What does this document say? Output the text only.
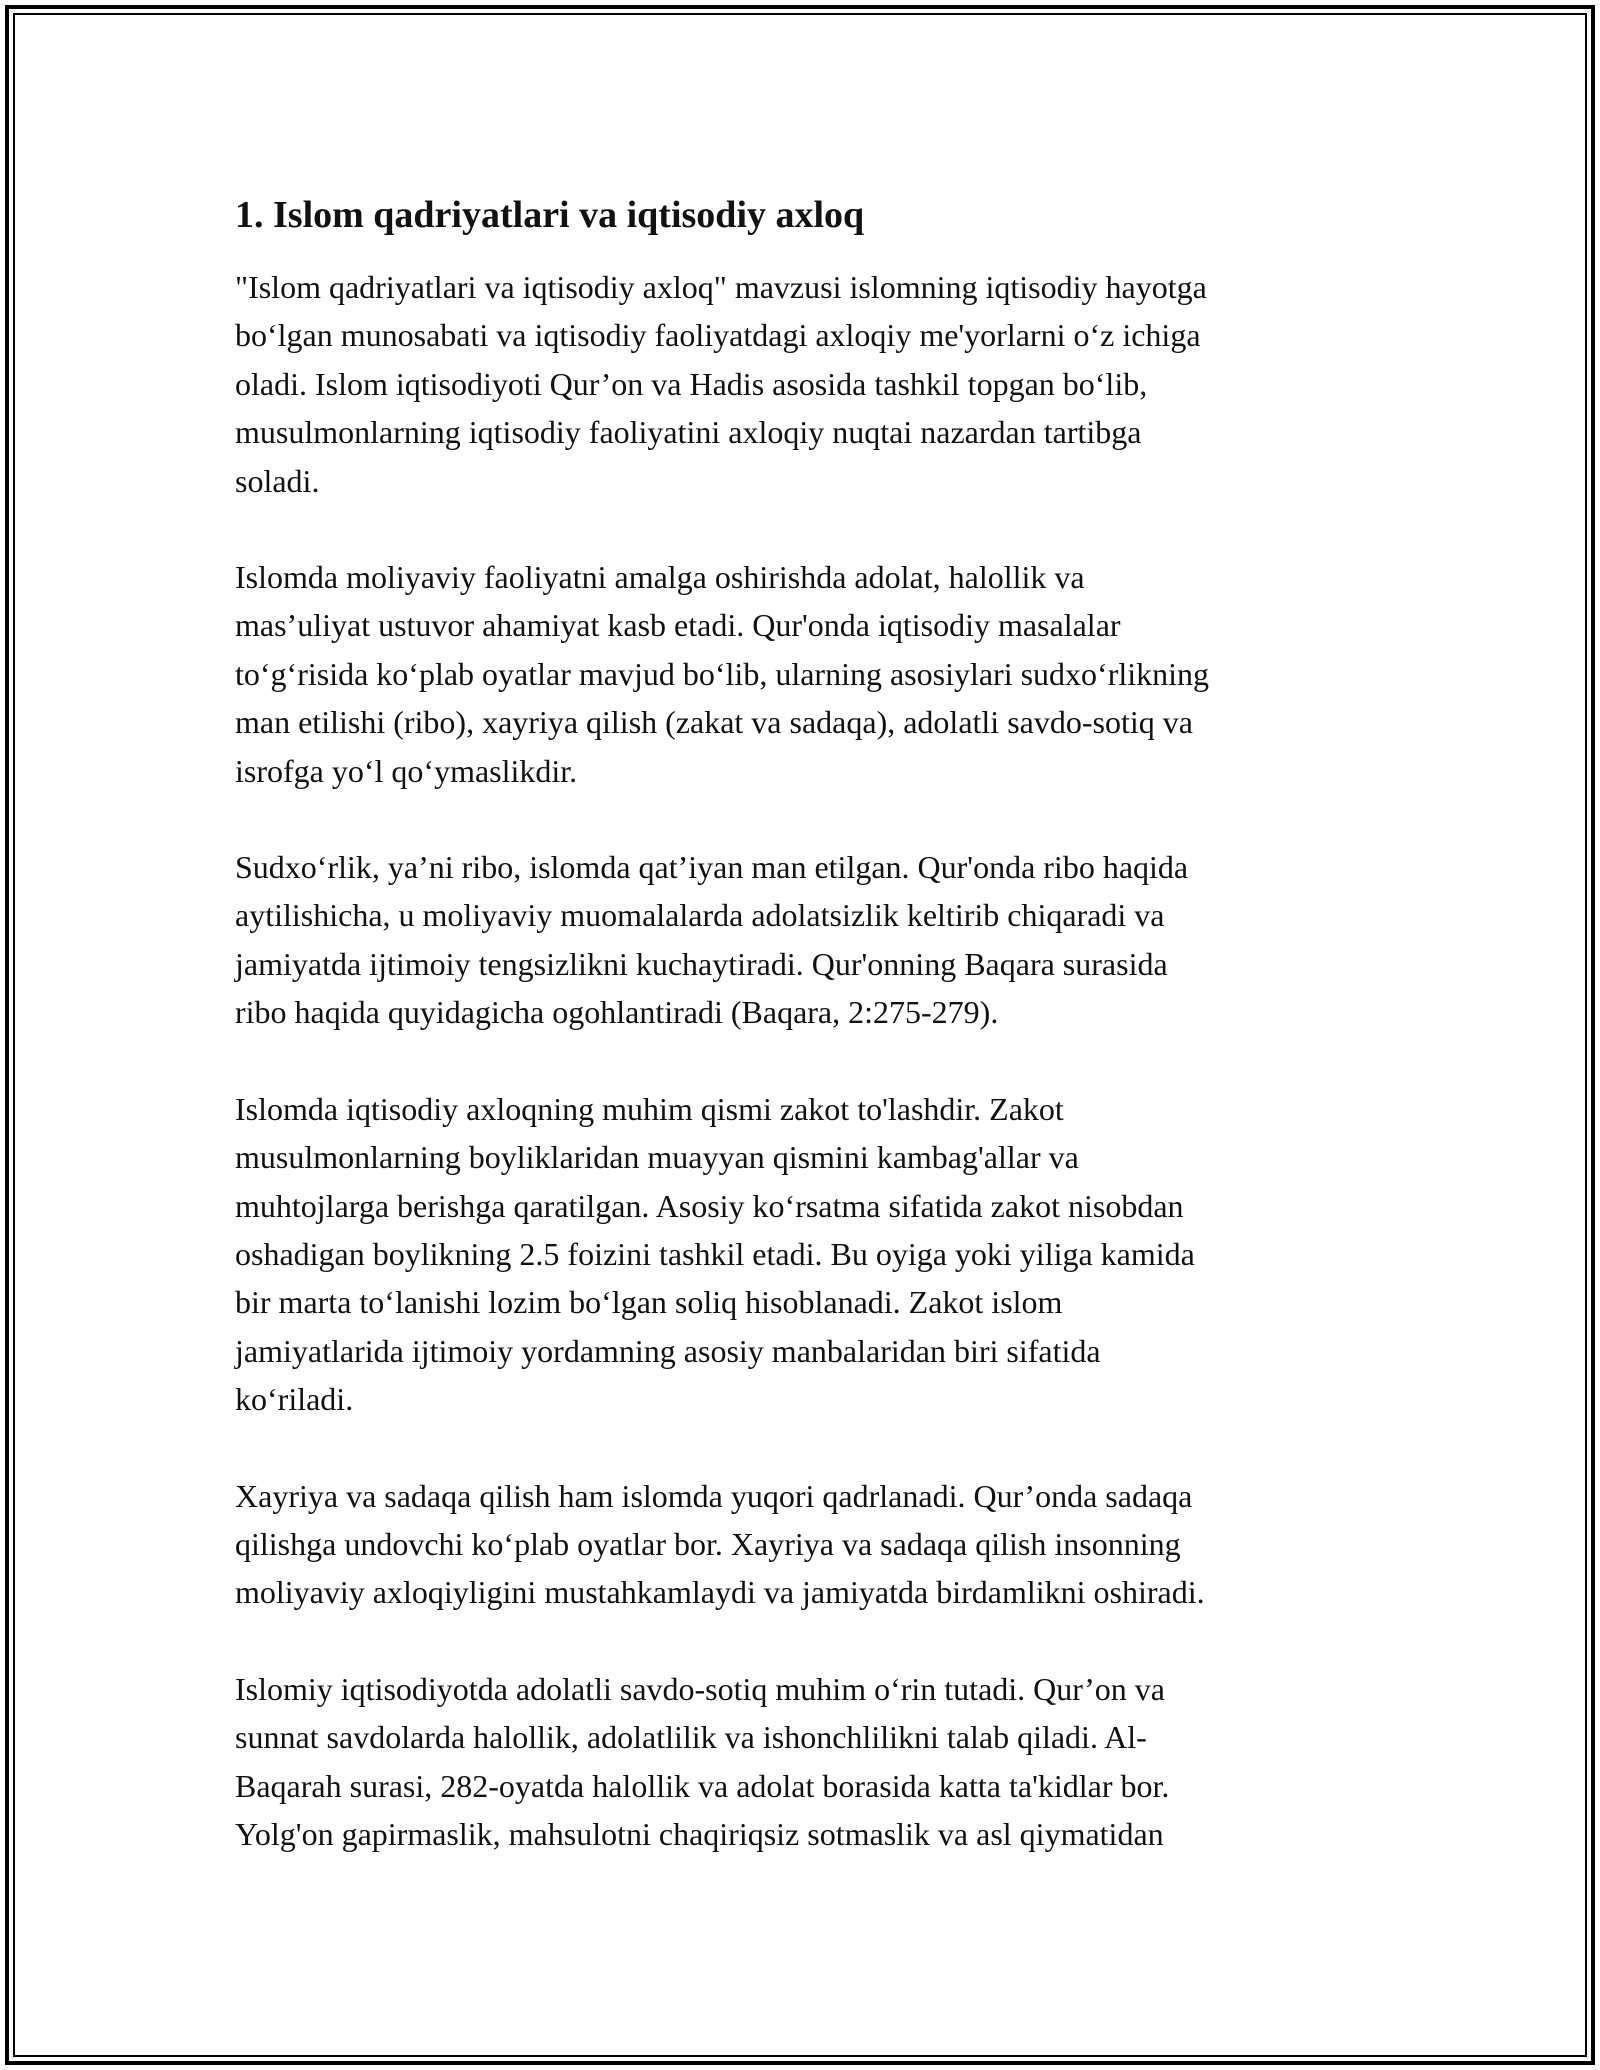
1. Islom qadriyatlari va iqtisodiy axloq

"Islom qadriyatlari va iqtisodiy axloq" mavzusi islomning iqtisodiy hayotga
bo‘lgan munosabati va iqtisodiy faoliyatdagi axloqiy me'yorlarni o‘z ichiga
oladi. Islom iqtisodiyoti Qur’on va Hadis asosida tashkil topgan bo‘lib,
musulmonlarning iqtisodiy faoliyatini axloqiy nuqtai nazardan tartibga
soladi.

Islomda moliyaviy faoliyatni amalga oshirishda adolat, halollik va
mas’uliyat ustuvor ahamiyat kasb etadi. Qur'onda iqtisodiy masalalar
to‘g‘risida ko‘plab oyatlar mavjud bo‘lib, ularning asosiylari sudxo‘rlikning
man etilishi (ribo), xayriya qilish (zakat va sadaqa), adolatli savdo-sotiq va
isrofga yo‘l qo‘ymaslikdir.

Sudxo‘rlik, ya’ni ribo, islomda qat’iyan man etilgan. Qur'onda ribo haqida
aytilishicha, u moliyaviy muomalalarda adolatsizlik keltirib chiqaradi va
jamiyatda ijtimoiy tengsizlikni kuchaytiradi. Qur'onning Baqara surasida
ribo haqida quyidagicha ogohlantiradi (Baqara, 2:275-279).

Islomda iqtisodiy axloqning muhim qismi zakot to'lashdir. Zakot
musulmonlarning boyliklaridan muayyan qismini kambag'allar va
muhtojlarga berishga qaratilgan. Asosiy ko‘rsatma sifatida zakot nisobdan
oshadigan boylikning 2.5 foizini tashkil etadi. Bu oyiga yoki yiliga kamida
bir marta to‘lanishi lozim bo‘lgan soliq hisoblanadi. Zakot islom
jamiyatlarida ijtimoiy yordamning asosiy manbalaridan biri sifatida
ko‘riladi.

Xayriya va sadaqa qilish ham islomda yuqori qadrlanadi. Qur’onda sadaqa
qilishga undovchi ko‘plab oyatlar bor. Xayriya va sadaqa qilish insonning
moliyaviy axloqiyligini mustahkamlaydi va jamiyatda birdamlikni oshiradi.

Islomiy iqtisodiyotda adolatli savdo-sotiq muhim o‘rin tutadi. Qur’on va
sunnat savdolarda halollik, adolatlilik va ishonchlilikni talab qiladi. Al-
Baqarah surasi, 282-oyatda halollik va adolat borasida katta ta'kidlar bor.
Yolg'on gapirmaslik, mahsulotni chaqiriqsiz sotmaslik va asl qiymatidan
